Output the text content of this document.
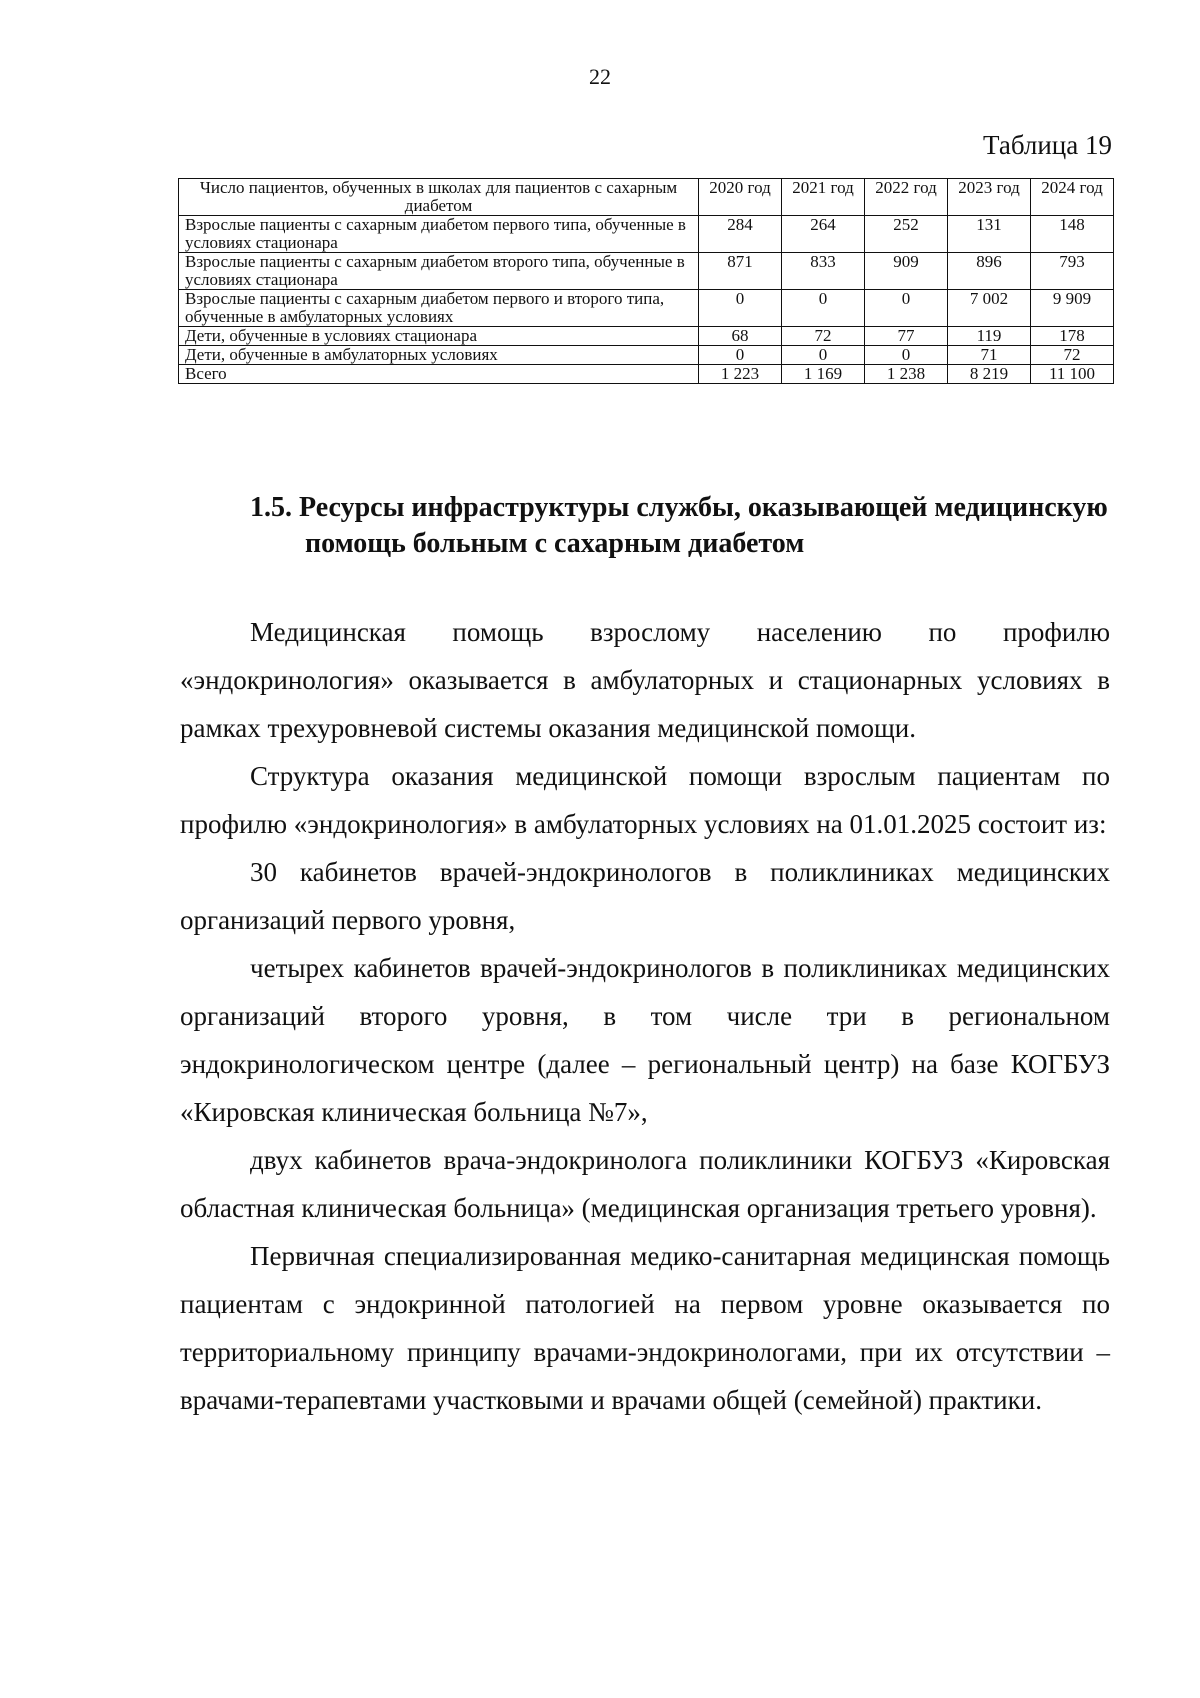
22
Таблица 19
Число пациентов, обученных в школах для пациентов с сахарным диабетом	2020 год	2021 год	2022 год	2023 год	2024 год
Взрослые пациенты с сахарным диабетом первого типа, обученные в условиях стационара	284	264	252	131	148
Взрослые пациенты с сахарным диабетом второго типа, обученные в условиях стационара	871	833	909	896	793
Взрослые пациенты с сахарным диабетом первого и второго типа, обученные в амбулаторных условиях	0	0	0	7 002	9 909
Дети, обученные в условиях стационара	68	72	77	119	178
Дети, обученные в амбулаторных условиях	0	0	0	71	72
Всего	1 223	1 169	1 238	8 219	11 100
1.5. Ресурсы инфраструктуры службы, оказывающей медицинскую
помощь больным с сахарным диабетом

Медицинская помощь взрослому населению по профилю «эндокринология» оказывается в амбулаторных и стационарных условиях в рамках трехуровневой системы оказания медицинской помощи.

Структура оказания медицинской помощи взрослым пациентам по профилю «эндокринология» в амбулаторных условиях на 01.01.2025 состоит из:

30 кабинетов врачей-эндокринологов в поликлиниках медицинских организаций первого уровня,

четырех кабинетов врачей-эндокринологов в поликлиниках медицинских организаций второго уровня, в том числе три в региональном эндокринологическом центре (далее – региональный центр) на базе КОГБУЗ «Кировская клиническая больница №7»,

двух кабинетов врача-эндокринолога поликлиники КОГБУЗ «Кировская областная клиническая больница» (медицинская организация третьего уровня).

Первичная специализированная медико-санитарная медицинская помощь пациентам с эндокринной патологией на первом уровне оказывается по территориальному принципу врачами-эндокринологами, при их отсутствии – врачами-терапевтами участковыми и врачами общей (семейной) практики.
